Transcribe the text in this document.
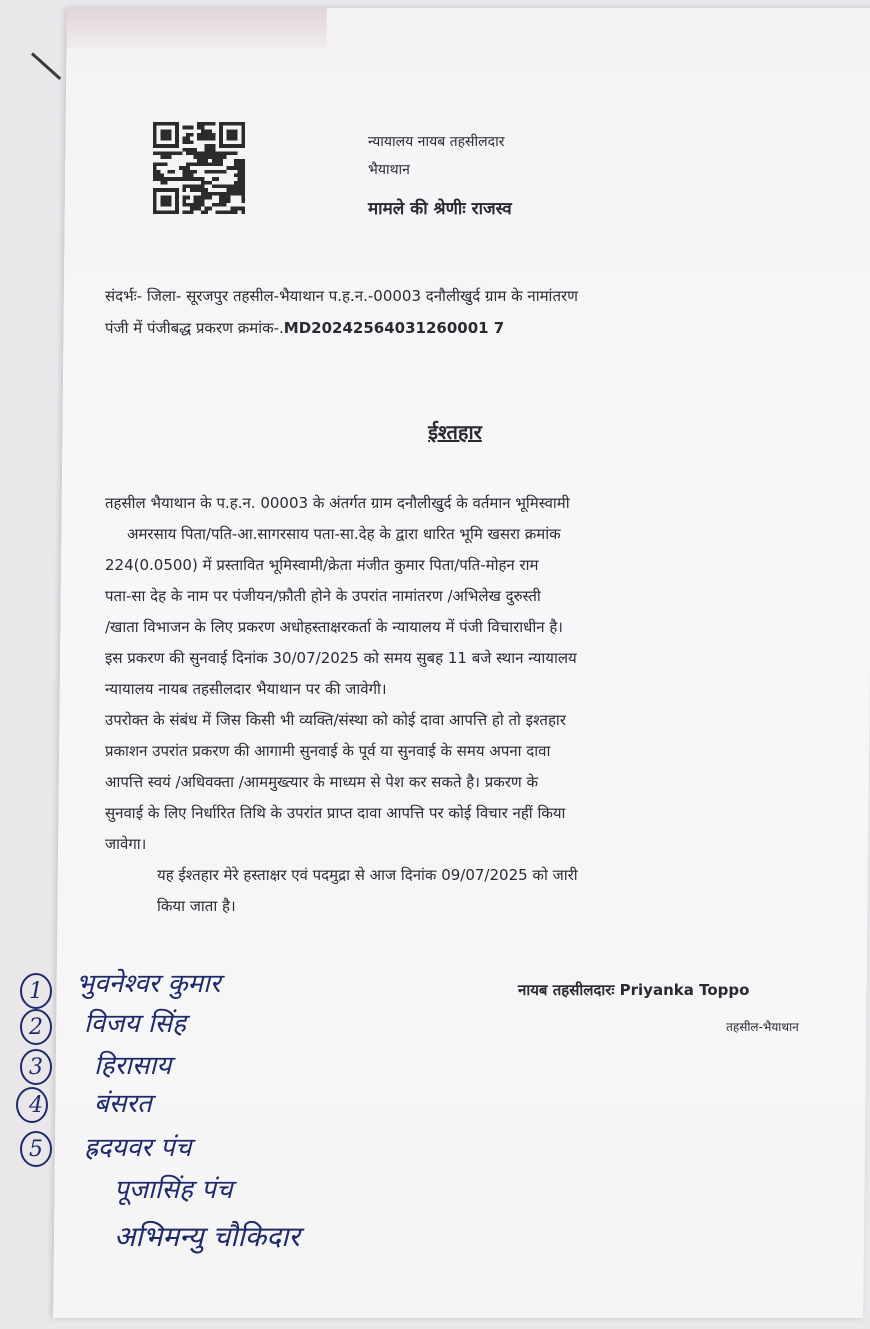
न्यायालय नायब तहसीलदार
भैयाथान
मामले की श्रेणीः राजस्व
संदर्भः- जिला- सूरजपुर तहसील-भैयाथान प.ह.न.-00003 दनौलीखुर्द ग्राम के नामांतरण
पंजी में पंजीबद्ध प्रकरण क्रमांक-.MD20242564031260001 7
ईश्तहार
तहसील भैयाथान के प.ह.न. 00003 के अंतर्गत ग्राम दनौलीखुर्द के वर्तमान भूमिस्वामी
अमरसाय पिता/पति-आ.सागरसाय पता-सा.देह के द्वारा धारित भूमि खसरा क्रमांक
224(0.0500) में प्रस्तावित भूमिस्वामी/क्रेता मंजीत कुमार पिता/पति-मोहन राम
पता-सा देह के नाम पर पंजीयन/फ़ौती होने के उपरांत नामांतरण /अभिलेख दुरुस्ती
/खाता विभाजन के लिए प्रकरण अधोहस्ताक्षरकर्ता के न्यायालय में पंजी विचाराधीन है।
इस प्रकरण की सुनवाई दिनांक 30/07/2025 को समय सुबह 11 बजे स्थान न्यायालय
न्यायालय नायब तहसीलदार भैयाथान पर की जावेगी।
उपरोक्त के संबंध में जिस किसी भी व्यक्ति/संस्था को कोई दावा आपत्ति हो तो इश्तहार
प्रकाशन उपरांत प्रकरण की आगामी सुनवाई के पूर्व या सुनवाई के समय अपना दावा
आपत्ति स्वयं /अधिवक्ता /आममुख्त्यार के माध्यम से पेश कर सकते है। प्रकरण के
सुनवाई के लिए निर्धारित तिथि के उपरांत प्राप्त दावा आपत्ति पर कोई विचार नहीं किया
जावेगा।
यह ईश्तहार मेरे हस्ताक्षर एवं पदमुद्रा से आज दिनांक 09/07/2025 को जारी
किया जाता है।
नायब तहसीलदारः Priyanka Toppo
तहसील-भैयाथान
1
2
3
4
5
भुवनेश्वर कुमार
विजय सिंह
हिरासाय
बंसरत
ह्रदयवर पंच
पूजासिंह पंच
अभिमन्यु चौकिदार
